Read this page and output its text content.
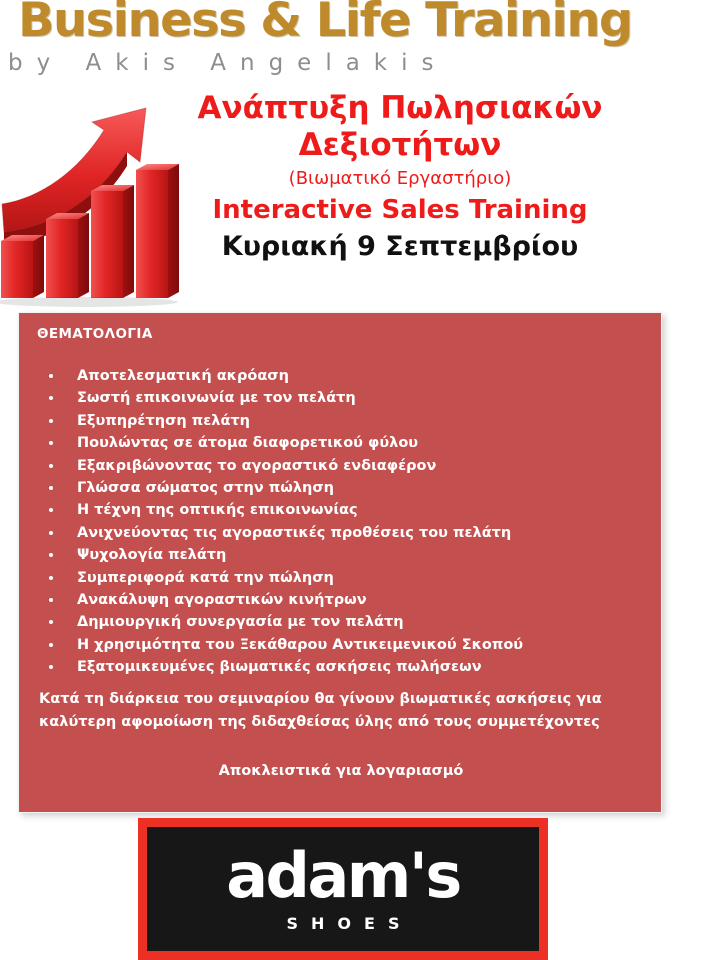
Business & Life Training
by Akis Angelakis
Ανάπτυξη Πωλησιακών
Δεξιοτήτων
(Βιωματικό Εργαστήριο)
Interactive Sales Training
Κυριακή 9 Σεπτεμβρίου
ΘΕΜΑΤΟΛΟΓΙΑ
Αποτελεσματική ακρόαση
Σωστή επικοινωνία με τον πελάτη
Εξυπηρέτηση πελάτη
Πουλώντας σε άτομα διαφορετικού φύλου
Εξακριβώνοντας το αγοραστικό ενδιαφέρον
Γλώσσα σώματος στην πώληση
Η τέχνη της οπτικής επικοινωνίας
Ανιχνεύοντας τις αγοραστικές προθέσεις του πελάτη
Ψυχολογία πελάτη
Συμπεριφορά κατά την πώληση
Ανακάλυψη αγοραστικών κινήτρων
Δημιουργική συνεργασία με τον πελάτη
Η χρησιμότητα του Ξεκάθαρου Αντικειμενικού Σκοπού
Εξατομικευμένες βιωματικές ασκήσεις πωλήσεων
Κατά τη διάρκεια του σεμιναρίου θα γίνουν βιωματικές ασκήσεις για καλύτερη αφομοίωση της διδαχθείσας ύλης από τους συμμετέχοντες
Αποκλειστικά για λογαριασμό
adam's
SHOES
